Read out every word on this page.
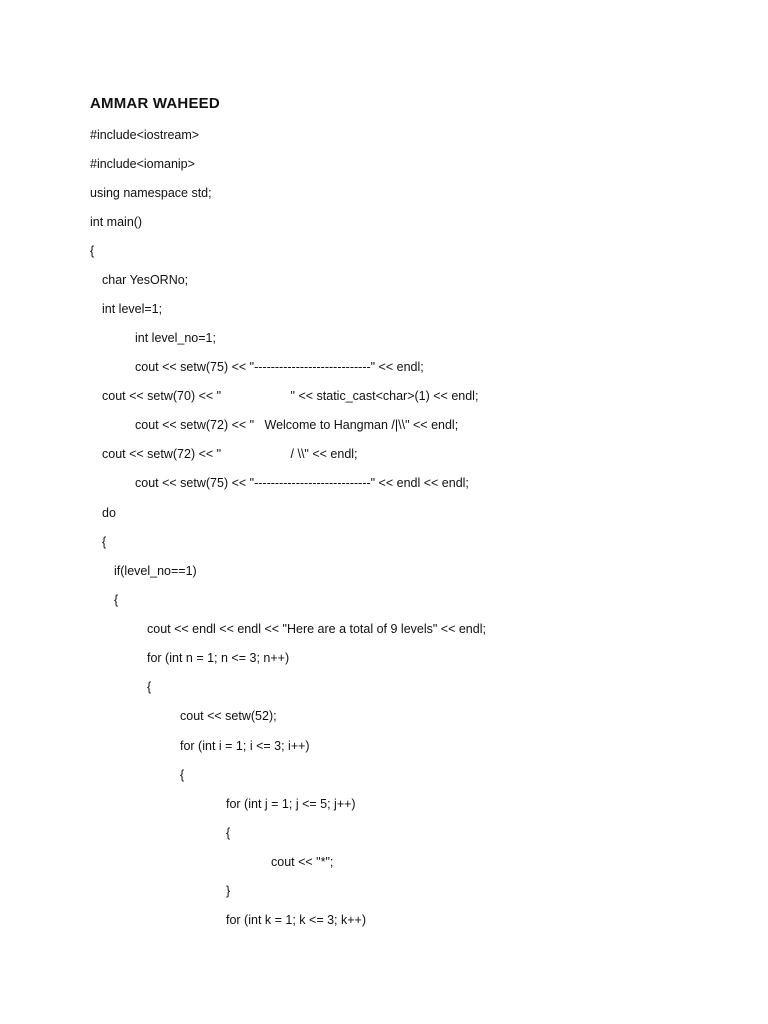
AMMAR WAHEED
#include<iostream>
#include<iomanip>
using namespace std;
int main()
{
char YesORNo;
int level=1;
int level_no=1;
cout << setw(75) << "----------------------------" << endl;
cout << setw(70) << "                    " << static_cast<char>(1) << endl;
cout << setw(72) << "   Welcome to Hangman /|\\" << endl;
cout << setw(72) << "                    / \\" << endl;
cout << setw(75) << "----------------------------" << endl << endl;
do
{
if(level_no==1)
{
cout << endl << endl << "Here are a total of 9 levels" << endl;
for (int n = 1; n <= 3; n++)
{
cout << setw(52);
for (int i = 1; i <= 3; i++)
{
for (int j = 1; j <= 5; j++)
{
cout << "*";
}
for (int k = 1; k <= 3; k++)
